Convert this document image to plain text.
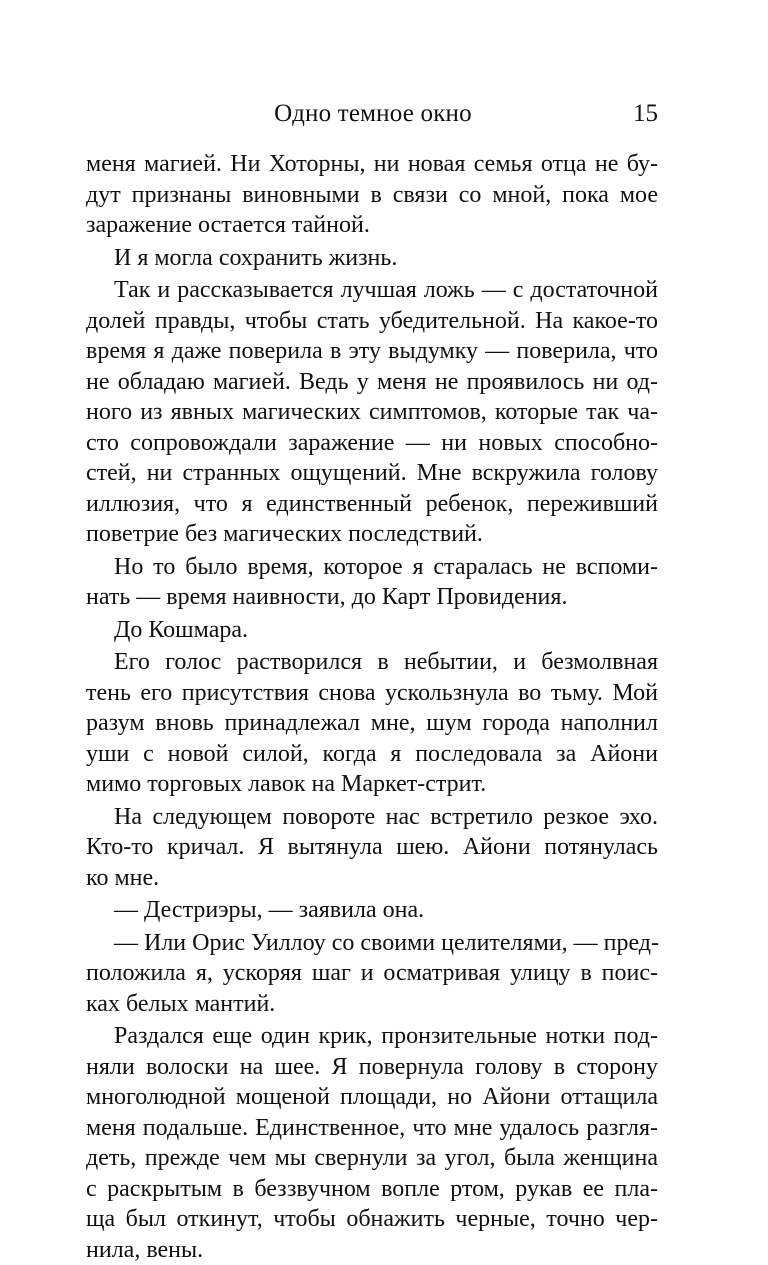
Одно темное окно	15
меня магией. Ни Хоторны, ни новая семья отца не бу-
дут признаны виновными в связи со мной, пока мое
заражение остается тайной.
И я могла сохранить жизнь.
Так и рассказывается лучшая ложь — с достаточной
долей правды, чтобы стать убедительной. На какое-то
время я даже поверила в эту выдумку — поверила, что
не обладаю магией. Ведь у меня не проявилось ни од-
ного из явных магических симптомов, которые так ча-
сто сопровождали заражение — ни новых способно-
стей, ни странных ощущений. Мне вскружила голову
иллюзия, что я единственный ребенок, переживший
поветрие без магических последствий.
Но то было время, которое я старалась не вспоми-
нать — время наивности, до Карт Провидения.
До Кошмара.
Его голос растворился в небытии, и безмолвная
тень его присутствия снова ускользнула во тьму. Мой
разум вновь принадлежал мне, шум города наполнил
уши с новой силой, когда я последовала за Айони
мимо торговых лавок на Маркет-стрит.
На следующем повороте нас встретило резкое эхо.
Кто-то кричал. Я вытянула шею. Айони потянулась
ко мне.
— Дестриэры, — заявила она.
— Или Орис Уиллоу со своими целителями, — пред-
положила я, ускоряя шаг и осматривая улицу в поис-
ках белых мантий.
Раздался еще один крик, пронзительные нотки под-
няли волоски на шее. Я повернула голову в сторону
многолюдной мощеной площади, но Айони оттащила
меня подальше. Единственное, что мне удалось разгля-
деть, прежде чем мы свернули за угол, была женщина
с раскрытым в беззвучном вопле ртом, рукав ее пла-
ща был откинут, чтобы обнажить черные, точно чер-
нила, вены.
